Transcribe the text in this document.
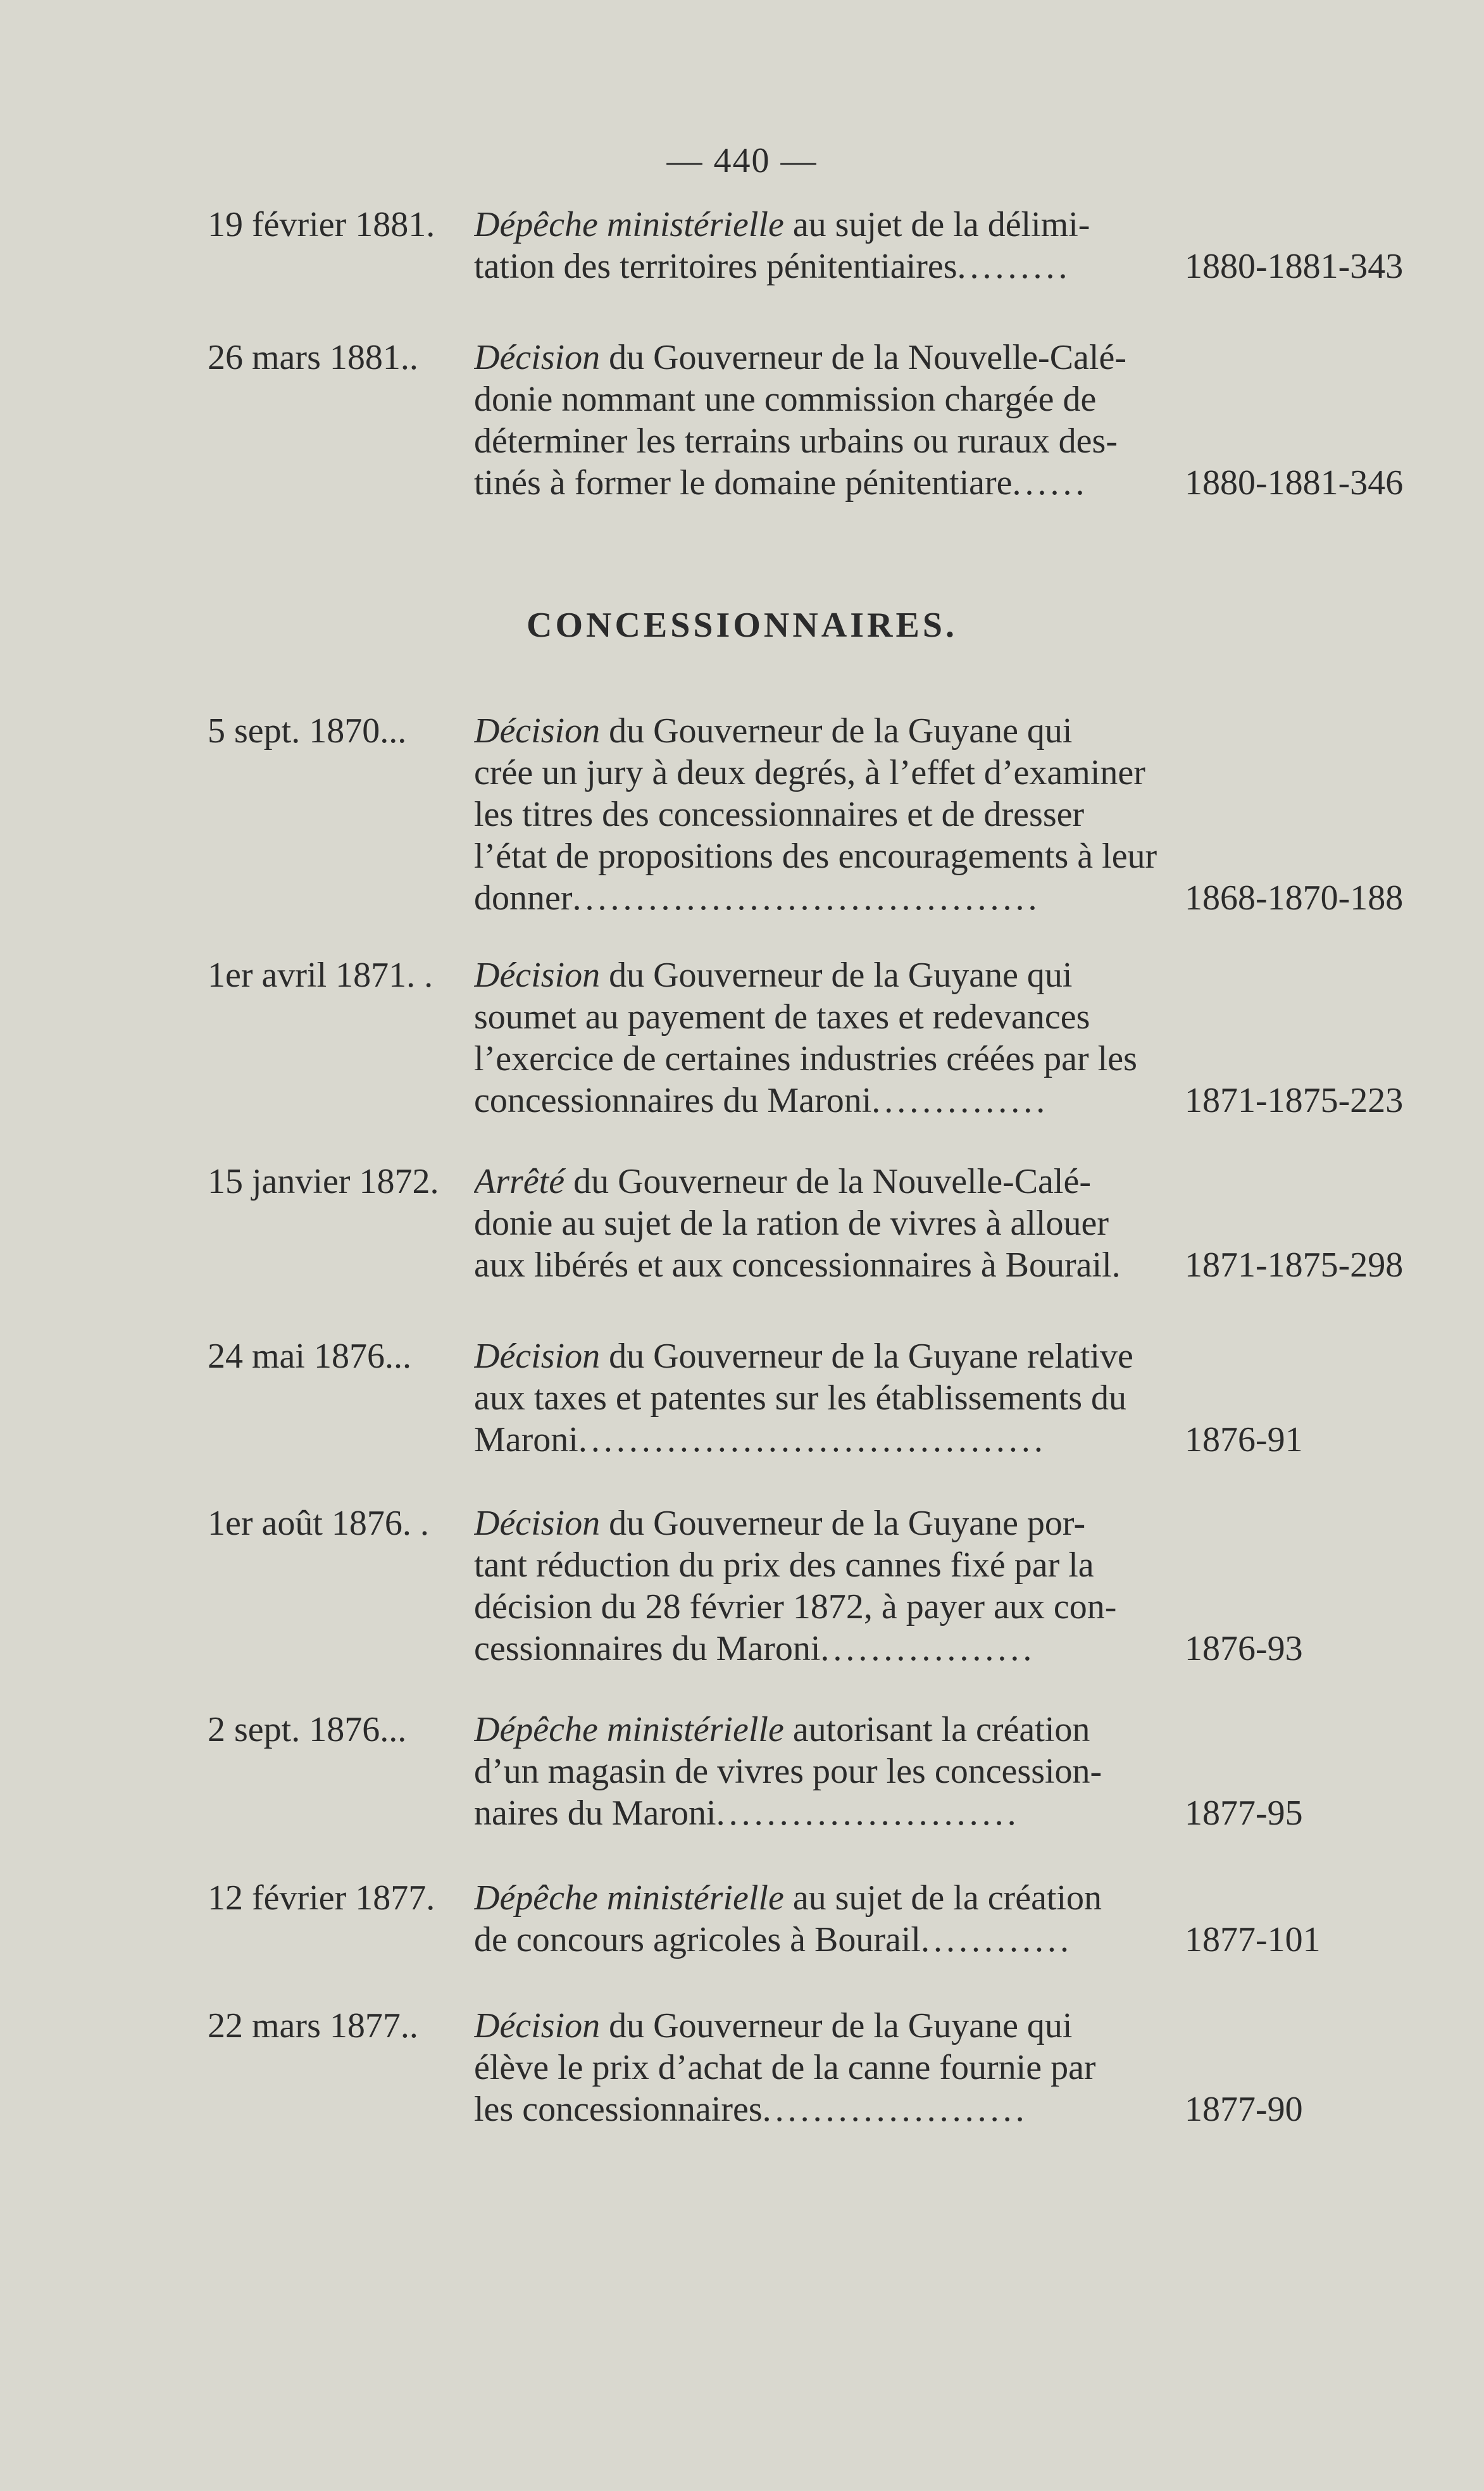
— 440 —
19 février 1881.	Dépêche ministérielle au sujet de la délimi-
tation des territoires pénitentiaires .........	1880-1881-343
26 mars 1881..	Décision du Gouverneur de la Nouvelle-Calé-
donie nommant une commission chargée de
déterminer les terrains urbains ou ruraux des-
tinés à former le domaine pénitentiare ......	1880-1881-346
CONCESSIONNAIRES.
5 sept. 1870...	Décision du Gouverneur de la Guyane qui
crée un jury à deux degrés, à l’effet d’examiner
les titres des concessionnaires et de dresser
l’état de propositions des encouragements à leur
donner .....................................	1868-1870-188
1er avril 1871. .	Décision du Gouverneur de la Guyane qui
soumet au payement de taxes et redevances
l’exercice de certaines industries créées par les
concessionnaires du Maroni ..............	1871-1875-223
15 janvier 1872. Arrêté du Gouverneur de la Nouvelle-Calé-
donie au sujet de la ration de vivres à allouer
aux libérés et aux concessionnaires à Bourail. 1871-1875-298
24 mai 1876...	Décision du Gouverneur de la Guyane relative
aux taxes et patentes sur les établissements du
Maroni .....................................	1876-91
1er août 1876. .	Décision du Gouverneur de la Guyane por-
tant réduction du prix des cannes fixé par la
décision du 28 février 1872, à payer aux con-
cessionnaires du Maroni .................	1876-93
2 sept. 1876...	Dépêche ministérielle autorisant la création
d’un magasin de vivres pour les concession-
naires du Maroni ........................	1877-95
12 février 1877.	Dépêche ministérielle au sujet de la création
de concours agricoles à Bourail ............	1877-101
22 mars 1877..	Décision du Gouverneur de la Guyane qui
élève le prix d’achat de la canne fournie par
les concessionnaires .....................	1877-90
